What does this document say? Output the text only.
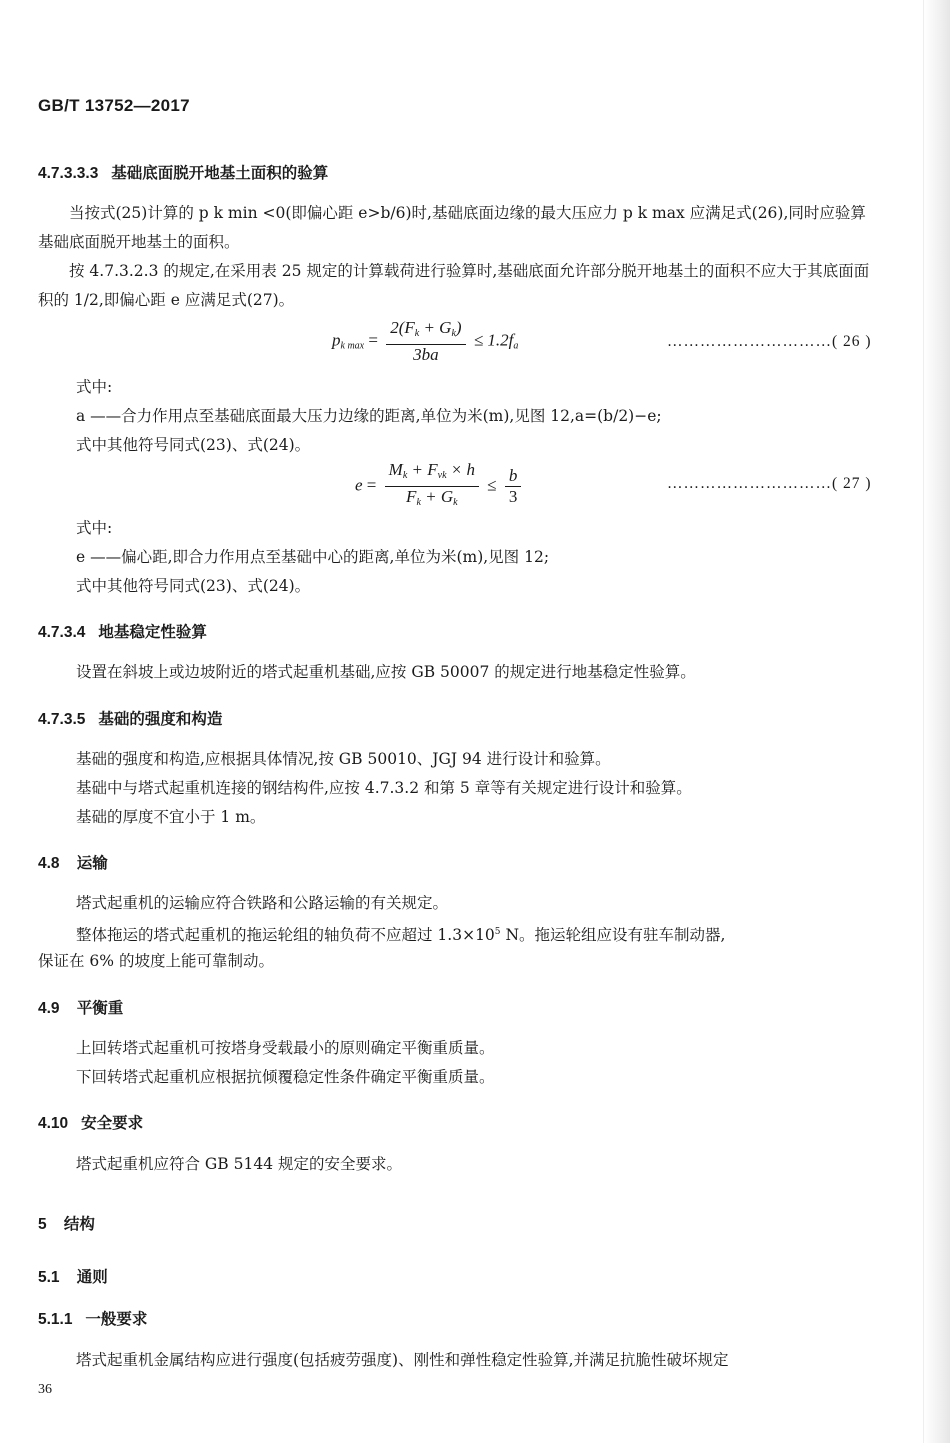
GB/T 13752—2017
4.7.3.3.3 基础底面脱开地基土面积的验算

当按式(25)计算的 p k min <0(即偏心距 e>b/6)时,基础底面边缘的最大压应力 p k max 应满足式(26),同时应验算基础底面脱开地基土的面积。

按 4.7.3.2.3 的规定,在采用表 25 规定的计算载荷进行验算时,基础底面允许部分脱开地基土的面积不应大于其底面面积的 1/2,即偏心距 e 应满足式(27)。

$p_{k max} = \frac{2(F_k + G_k)}{3ba} \le 1.2f_a$	…………………………( 26 )
式中:
a ——合力作用点至基础底面最大压力边缘的距离,单位为米(m),见图 12,a=(b/2)−e;
式中其他符号同式(23)、式(24)。
$e = \frac{M_k + F_{vk} \times h}{F_k + G_k} \le \frac{b}{3}$	…………………………( 27 )
式中:
e ——偏心距,即合力作用点至基础中心的距离,单位为米(m),见图 12;
式中其他符号同式(23)、式(24)。
4.7.3.4 地基稳定性验算
设置在斜坡上或边坡附近的塔式起重机基础,应按 GB 50007 的规定进行地基稳定性验算。
4.7.3.5 基础的强度和构造
基础的强度和构造,应根据具体情况,按 GB 50010、JGJ 94 进行设计和验算。
基础中与塔式起重机连接的钢结构件,应按 4.7.3.2 和第 5 章等有关规定进行设计和验算。
基础的厚度不宜小于 1 m。
4.8 运输
塔式起重机的运输应符合铁路和公路运输的有关规定。
整体拖运的塔式起重机的拖运轮组的轴负荷不应超过 $1.3\times 10^5$ N。拖运轮组应设有驻车制动器,
保证在 6% 的坡度上能可靠制动。
4.9 平衡重
上回转塔式起重机可按塔身受载最小的原则确定平衡重质量。
下回转塔式起重机应根据抗倾覆稳定性条件确定平衡重质量。
4.10 安全要求
塔式起重机应符合 GB 5144 规定的安全要求。
5 结构
5.1 通则
5.1.1 一般要求
塔式起重机金属结构应进行强度(包括疲劳强度)、刚性和弹性稳定性验算,并满足抗脆性破坏规定
36
